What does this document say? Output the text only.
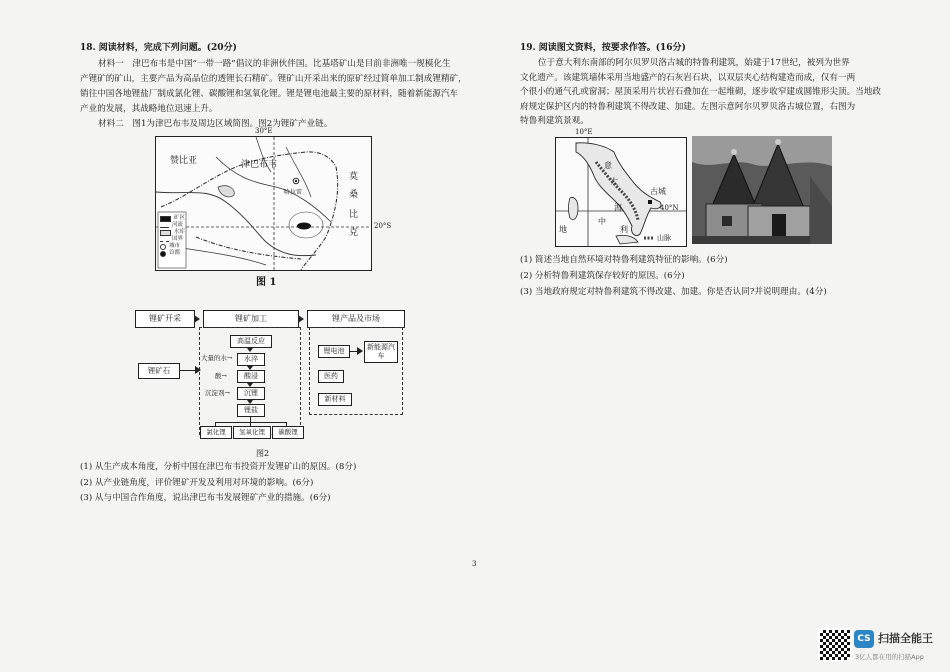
18. 阅读材料，完成下列问题。(20分)
材料一　津巴布韦是中国“一带一路”倡议的非洲伙伴国。比基塔矿山是目前非洲唯一规模化生
产锂矿的矿山，主要产品为高品位的透锂长石精矿。锂矿山开采出来的原矿经过简单加工制成锂精矿，
销往中国各地锂盐厂制成氯化锂、碳酸锂和氢氧化锂。锂是锂电池最主要的原材料，随着新能源汽车
产业的发展，其战略地位迅速上升。
材料二　图1为津巴布韦及周边区域简图。图2为锂矿产业链。
30°E
赞比亚	津巴布韦
哈拉雷
莫
桑
比
克
矿区
河流
水库
国界
城市
首都
20°S
图 1
锂矿开采	锂矿加工	锂产品及市场
锂矿石
高温反应
水淬
酸浸
沉锂
锂盐
大量的水→
酸→
沉淀剂→
氯化锂	氢氧化锂	碳酸锂
锂电池	新能源汽车
医药
新材料
图2
(1) 从生产成本角度，分析中国在津巴布韦投资开发锂矿山的原因。(8分)
(2) 从产业链角度，评价锂矿开发及利用对环境的影响。(6分)
(3) 从与中国合作角度，说出津巴布韦发展锂矿产业的措施。(6分)
19. 阅读图文资料，按要求作答。(16分)
位于意大利东南部的阿尔贝罗贝洛古城的特鲁利建筑，始建于17世纪，被列为世界
文化遗产。该建筑墙体采用当地盛产的石灰岩石块，以双层夹心结构建造而成，仅有一两
个很小的通气孔或窗洞；屋顶采用片状岩石叠加在一起堆砌，逐步收窄建成圆锥形尖顶。当地政
府规定保护区内的特鲁利建筑不得改建、加建。左图示意阿尔贝罗贝洛古城位置，右图为
特鲁利建筑景观。
10°E
意
大
利
古城
中
海
地
山脉
40°N
(1) 简述当地自然环境对特鲁利建筑特征的影响。(6分)
(2) 分析特鲁利建筑保存较好的原因。(6分)
(3) 当地政府规定对特鲁利建筑不得改建、加建。你是否认同?并说明理由。(4分)
3
CS 扫描全能王
3亿人都在用的扫描App
